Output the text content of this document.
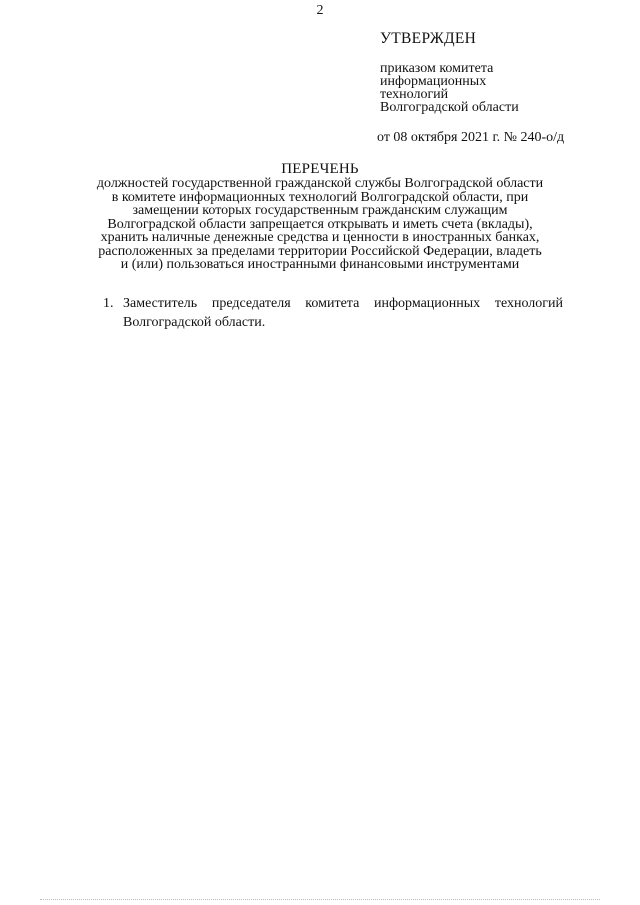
2

УТВЕРЖДЕН

приказом комитета
информационных
технологий
Волгоградской области
от 08 октября 2021 г. № 240-о/д
ПЕРЕЧЕНЬ
должностей государственной гражданской службы Волгоградской области
в комитете информационных технологий Волгоградской области, при
замещении которых государственным гражданским служащим
Волгоградской области запрещается открывать и иметь счета (вклады),
хранить наличные денежные средства и ценности в иностранных банках,
расположенных за пределами территории Российской Федерации, владеть
и (или) пользоваться иностранными финансовыми инструментами
1. Заместитель председателя комитета информационных технологий
Волгоградской области.
